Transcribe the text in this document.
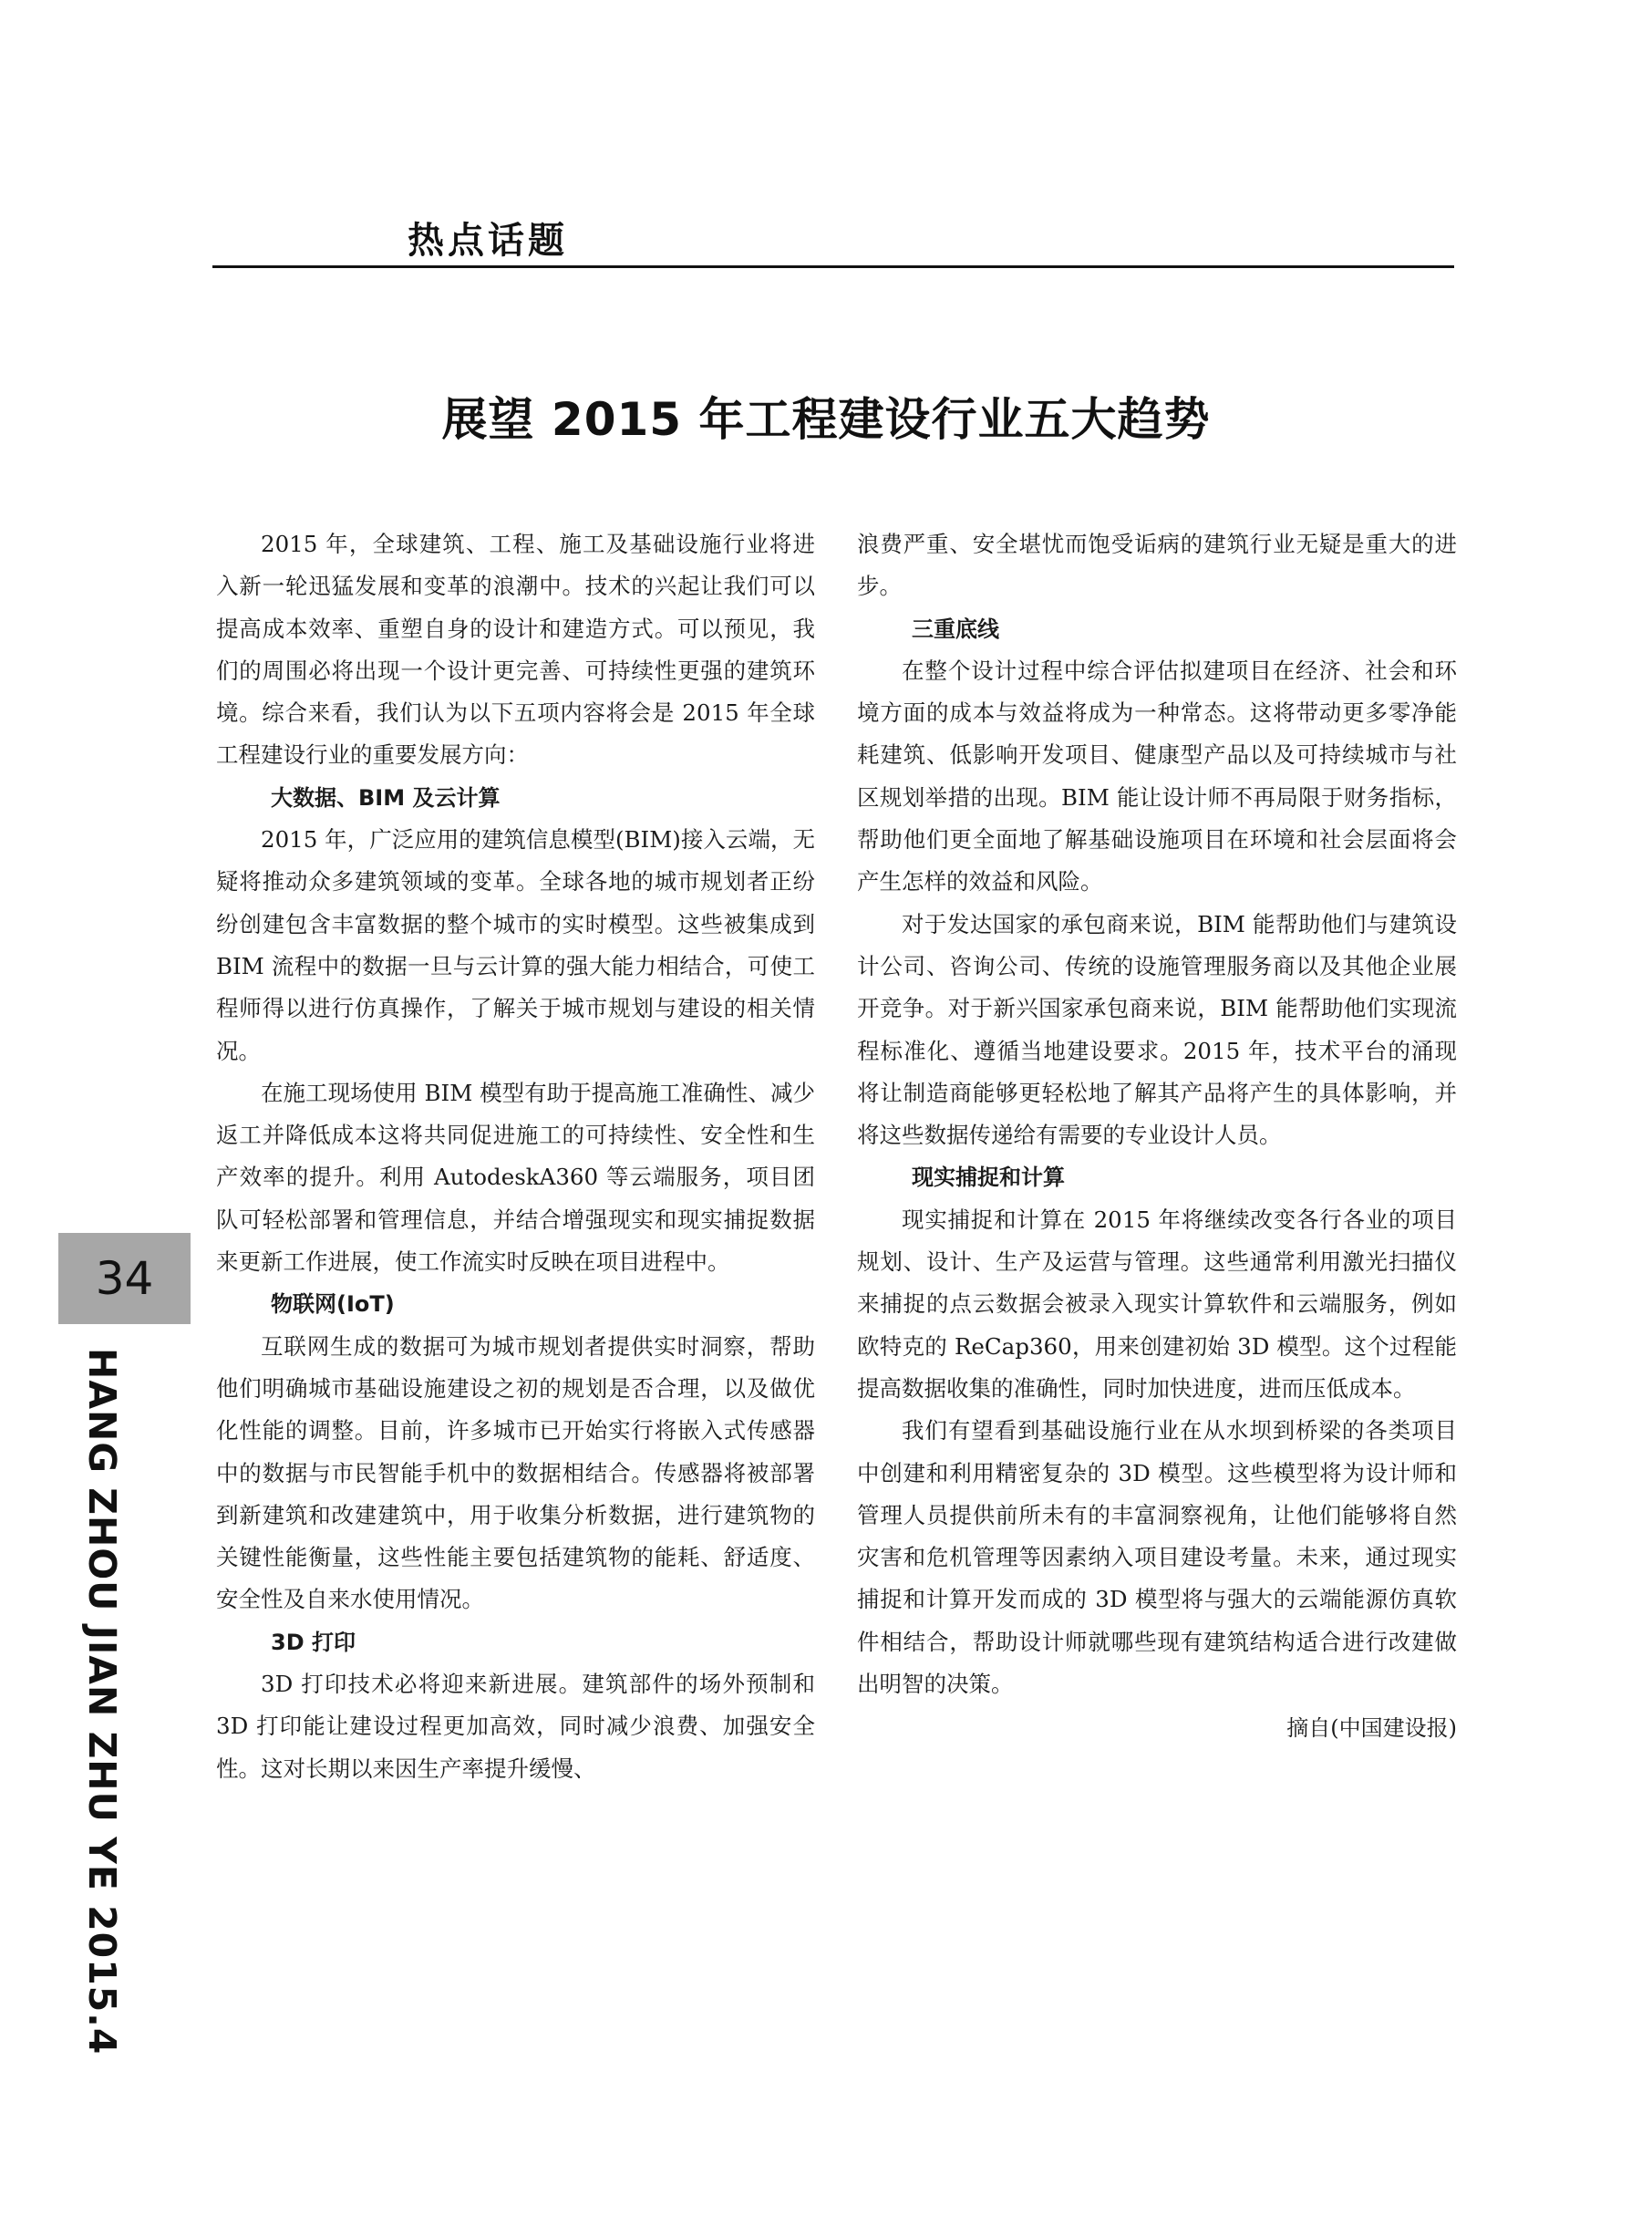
热点话题
展望 2015 年工程建设行业五大趋势

2015 年，全球建筑、工程、施工及基础设施行业将进入新一轮迅猛发展和变革的浪潮中。技术的兴起让我们可以提高成本效率、重塑自身的设计和建造方式。可以预见，我们的周围必将出现一个设计更完善、可持续性更强的建筑环境。综合来看，我们认为以下五项内容将会是 2015 年全球工程建设行业的重要发展方向：

大数据、BIM 及云计算

2015 年，广泛应用的建筑信息模型(BIM)接入云端，无疑将推动众多建筑领域的变革。全球各地的城市规划者正纷纷创建包含丰富数据的整个城市的实时模型。这些被集成到 BIM 流程中的数据一旦与云计算的强大能力相结合，可使工程师得以进行仿真操作，了解关于城市规划与建设的相关情况。

在施工现场使用 BIM 模型有助于提高施工准确性、减少返工并降低成本这将共同促进施工的可持续性、安全性和生产效率的提升。利用 AutodeskA360 等云端服务，项目团队可轻松部署和管理信息，并结合增强现实和现实捕捉数据来更新工作进展，使工作流实时反映在项目进程中。

物联网(IoT)

互联网生成的数据可为城市规划者提供实时洞察，帮助他们明确城市基础设施建设之初的规划是否合理，以及做优化性能的调整。目前，许多城市已开始实行将嵌入式传感器中的数据与市民智能手机中的数据相结合。传感器将被部署到新建筑和改建建筑中，用于收集分析数据，进行建筑物的关键性能衡量，这些性能主要包括建筑物的能耗、舒适度、安全性及自来水使用情况。

3D 打印

3D 打印技术必将迎来新进展。建筑部件的场外预制和 3D 打印能让建设过程更加高效，同时减少浪费、加强安全性。这对长期以来因生产率提升缓慢、

浪费严重、安全堪忧而饱受诟病的建筑行业无疑是重大的进步。

三重底线

在整个设计过程中综合评估拟建项目在经济、社会和环境方面的成本与效益将成为一种常态。这将带动更多零净能耗建筑、低影响开发项目、健康型产品以及可持续城市与社区规划举措的出现。BIM 能让设计师不再局限于财务指标，帮助他们更全面地了解基础设施项目在环境和社会层面将会产生怎样的效益和风险。

对于发达国家的承包商来说，BIM 能帮助他们与建筑设计公司、咨询公司、传统的设施管理服务商以及其他企业展开竞争。对于新兴国家承包商来说，BIM 能帮助他们实现流程标准化、遵循当地建设要求。2015 年，技术平台的涌现将让制造商能够更轻松地了解其产品将产生的具体影响，并将这些数据传递给有需要的专业设计人员。

现实捕捉和计算

现实捕捉和计算在 2015 年将继续改变各行各业的项目规划、设计、生产及运营与管理。这些通常利用激光扫描仪来捕捉的点云数据会被录入现实计算软件和云端服务，例如欧特克的 ReCap360，用来创建初始 3D 模型。这个过程能提高数据收集的准确性，同时加快进度，进而压低成本。

我们有望看到基础设施行业在从水坝到桥梁的各类项目中创建和利用精密复杂的 3D 模型。这些模型将为设计师和管理人员提供前所未有的丰富洞察视角，让他们能够将自然灾害和危机管理等因素纳入项目建设考量。未来，通过现实捕捉和计算开发而成的 3D 模型将与强大的云端能源仿真软件相结合，帮助设计师就哪些现有建筑结构适合进行改建做出明智的决策。

摘自(中国建设报)
34
HANG ZHOU JIAN ZHU YE 2015.4
